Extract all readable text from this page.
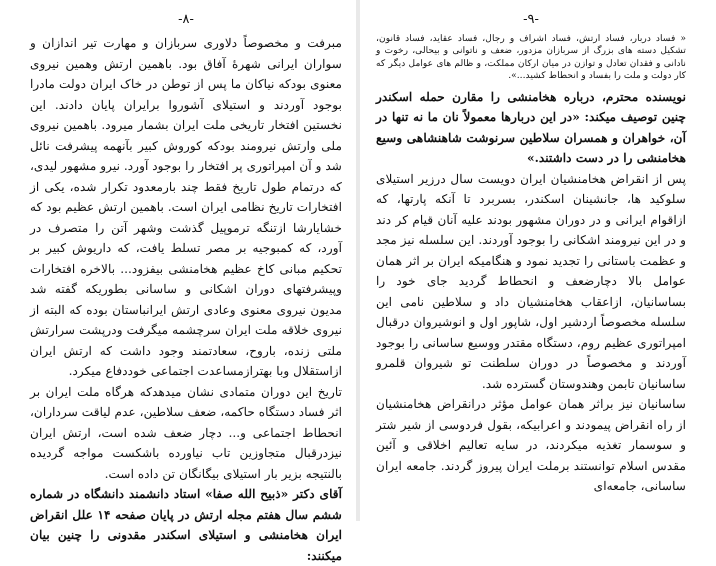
-۸-

مبرفت و مخصوصاً دلاوری سربازان و مهارت تیر اندازان و سواران ایرانی شهرهٔ آفاق بود. باهمین ارتش وهمین نیروی معنوی بودکه نیاکان ما پس از توطن در خاک ایران دولت مادرا بوجود آوردند و استیلای آشوروا برایران پایان دادند. این نخستین افتخار تاریخی ملت ایران بشمار میرود. باهمین نیروی ملی وارتش نیرومند بودکه کوروش کبیر بآنهمه پیشرفت نائل شد و آن امپراتوری پر افتخار را بوجود آورد. نیرو مشهور لیدی، که درتمام طول تاریخ فقط چند بارمعدود تکرار شده، یکی از افتخارات تاریخ نظامی ایران است. باهمین ارتش عظیم بود که خشایارشا ازتنگه ترموپیل گذشت وشهر آتن را متصرف در آورد، که کمبوجیه بر مصر تسلط یافت، که داریوش کبیر بر تحکیم مبانی کاخ عظیم هخامنشی بیفزود... بالاخره افتخارات وپیشرفتهای دوران اشکانی و ساسانی بطوریکه گفته شد مدیون نیروی معنوی وعادی ارتش ایرانباستان بوده که البته از نیروی خلاقه ملت ایران سرچشمه میگرفت ودرپشت سرارتش ملتی زنده، باروح، سعادتمند وجود داشت که ارتش ایران ازاستقلال وبا بهترازمساعدت اجتماعی خوددفاع میکرد.

تاریخ این دوران متمادی نشان میدهدکه هرگاه ملت ایران بر اثر فساد دستگاه حاکمه، ضعف سلاطین، عدم لیاقت سرداران، انحطاط اجتماعی و... دچار ضعف شده است، ارتش ایران نیزدرقبال متجاوزین تاب نیاورده باشکست مواجه گردیده بالنتیجه بزیر بار استیلای بیگانگان تن داده است.

آقای دکتر «ذبیح الله صفا» استاد دانشمند دانشگاه در شماره ششم سال هفتم مجله ارتش در پایان صفحه ۱۴ علل انقراض ایران هخامنشی و استیلای اسکندر مقدونی را چنین بیان میکنند:

-۹-

« فساد دربار، فساد ارتش، فساد اشراف و رجال، فساد عقاید، فساد قانون، تشکیل دسته های بزرگ از سربازان مزدور، ضعف و ناتوانی و بیحالی، رخوت و نادانی و فقدان تعادل و توازن در میان ارکان مملکت، و ظالم های عوامل دیگر که کار دولت و ملت را بفساد و انحطاط کشید...».

نویسنده محترم، درباره هخامنشی را مقارن حمله اسکندر چنین توصیف میکند: «در این دربارها معمولاً نان ما نه تنها در آن، خواهران و همسران سلاطین سرنوشت شاهنشاهی وسیع هخامنشی را در دست داشتند.»

پس از انقراض هخامنشیان ایران دویست سال درزیر استیلای سلوکید ها، جانشینان اسکندر، بسربرد تا آنکه پارتها، که ازاقوام ایرانی و در دوران مشهور بودند علیه آنان قیام کر دند و در این نیرومند اشکانی را بوجود آوردند. این سلسله نیز مجد و عظمت باستانی را تجدید نمود و هنگامیکه ایران بر اثر همان عوامل بالا دچارضعف و انحطاط گردید جای خود را بساسانیان، ازاعقاب هخامنشیان داد و سلاطین نامی این سلسله مخصوصاً اردشیر اول، شاپور اول و انوشیروان درقبال امپراتوری عظیم روم، دستگاه مقتدر ووسیع ساسانی را بوجود آوردند و مخصوصاً در دوران سلطنت تو شیروان قلمرو ساسانیان تابمن وهندوستان گسترده شد.

ساسانیان نیز براثر همان عوامل مؤثر درانقراض هخامنشیان از راه انقراض پیمودند و اعرابیکه، بقول فردوسی از شیر شتر و سوسمار تغذیه میکردند، در سایه تعالیم اخلاقی و آئین مقدس اسلام توانستند برملت ایران پیروز گردند. جامعه ایران ساسانی، جامعه‌ای
